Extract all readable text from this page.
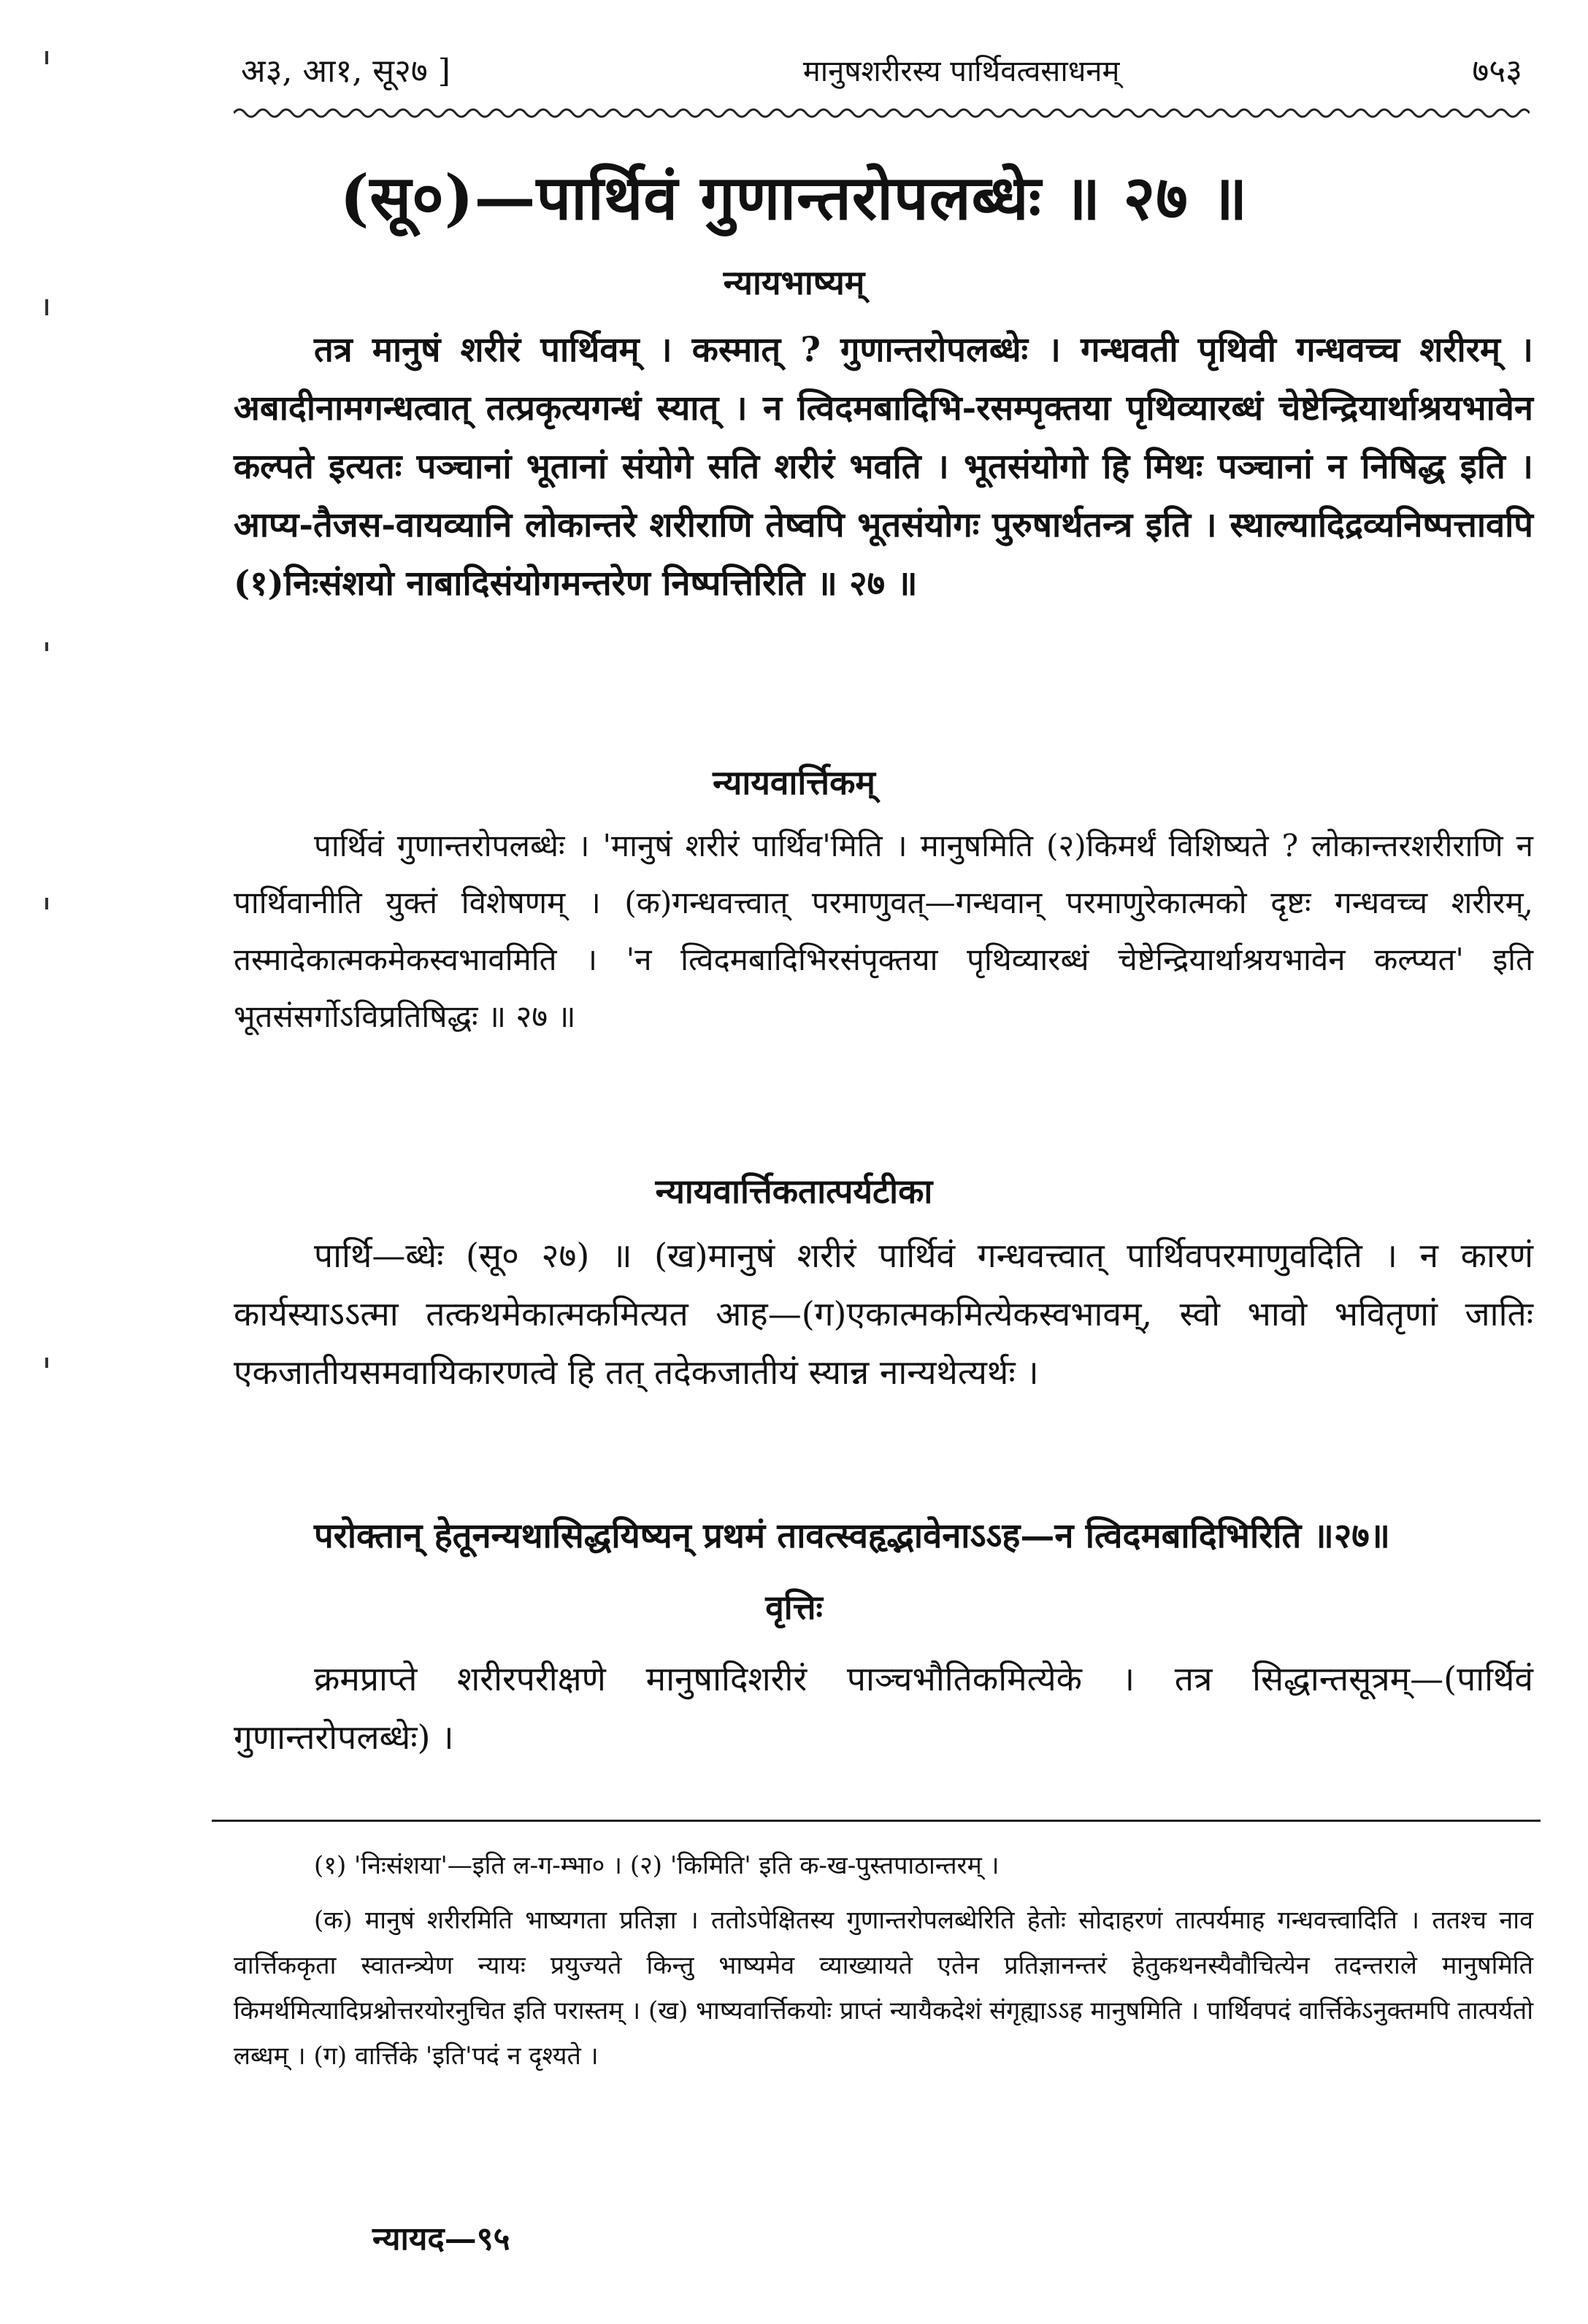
अ३, आ१, सू२७ ]	मानुषशरीरस्य पार्थिवत्वसाधनम्	७५३
(सू०)—पार्थिवं गुणान्तरोपलब्धेः ॥ २७ ॥
न्यायभाष्यम्
तत्र मानुषं शरीरं पार्थिवम् । कस्मात् ? गुणान्तरोपलब्धेः । गन्धवती पृथिवी गन्धवच्च शरीरम् । अबादीनामगन्धत्वात् तत्प्रकृत्यगन्धं स्यात् । न त्विदमबादिभि-रसम्पृक्तया पृथिव्यारब्धं चेष्टेन्द्रियार्थाश्रयभावेन कल्पते इत्यतः पञ्चानां भूतानां संयोगे सति शरीरं भवति । भूतसंयोगो हि मिथः पञ्चानां न निषिद्ध इति । आप्य-तैजस-वायव्यानि लोकान्तरे शरीराणि तेष्वपि भूतसंयोगः पुरुषार्थतन्त्र इति । स्थाल्यादिद्रव्यनिष्पत्तावपि (१)निःसंशयो नाबादिसंयोगमन्तरेण निष्पत्तिरिति ॥ २७ ॥
न्यायवार्त्तिकम्
पार्थिवं गुणान्तरोपलब्धेः । 'मानुषं शरीरं पार्थिव'मिति । मानुषमिति (२)किमर्थं विशिष्यते ? लोकान्तरशरीराणि न पार्थिवानीति युक्तं विशेषणम् । (क)गन्धवत्त्वात् परमाणुवत्—गन्धवान् परमाणुरेकात्मको दृष्टः गन्धवच्च शरीरम्, तस्मादेकात्मकमेकस्वभावमिति । 'न त्विदमबादिभिरसंपृक्तया पृथिव्यारब्धं चेष्टेन्द्रियार्थाश्रयभावेन कल्प्यत' इति भूतसंसर्गोऽविप्रतिषिद्धः ॥ २७ ॥
न्यायवार्त्तिकतात्पर्यटीका
पार्थि—ब्धेः (सू० २७) ॥ (ख)मानुषं शरीरं पार्थिवं गन्धवत्त्वात् पार्थिवपरमाणुवदिति । न कारणं कार्यस्याऽऽत्मा तत्कथमेकात्मकमित्यत आह—(ग)एकात्मकमित्येकस्वभावम्, स्वो भावो भवितृणां जातिः एकजातीयसमवायिकारणत्वे हि तत् तदेकजातीयं स्यान्न नान्यथेत्यर्थः ।
परोक्तान् हेतूनन्यथासिद्धयिष्यन् प्रथमं तावत्स्वहृद्भावेनाऽऽह—न त्विदमबादिभिरिति ॥२७॥
वृत्तिः
क्रमप्राप्ते शरीरपरीक्षणे मानुषादिशरीरं पाञ्चभौतिकमित्येके । तत्र सिद्धान्तसूत्रम्—(पार्थिवं गुणान्तरोपलब्धेः) ।
(१) 'निःसंशया'—इति ल-ग-म्भा० । (२) 'किमिति' इति क-ख-पुस्तपाठान्तरम् ।
(क) मानुषं शरीरमिति भाष्यगता प्रतिज्ञा । ततोऽपेक्षितस्य गुणान्तरोपलब्धेरिति हेतोः सोदाहरणं तात्पर्यमाह गन्धवत्त्वादिति । ततश्च नाव वार्त्तिककृता स्वातन्त्र्येण न्यायः प्रयुज्यते किन्तु भाष्यमेव व्याख्यायते एतेन प्रतिज्ञानन्तरं हेतुकथनस्यैवौचित्येन तदन्तराले मानुषमिति किमर्थमित्यादिप्रश्नोत्तरयोरनुचित इति परास्तम् । (ख) भाष्यवार्त्तिकयोः प्राप्तं न्यायैकदेशं संगृह्याऽऽह मानुषमिति । पार्थिवपदं वार्त्तिकेऽनुक्तमपि तात्पर्यतो लब्धम् । (ग) वार्त्तिके 'इति'पदं न दृश्यते ।
न्यायद—९५
